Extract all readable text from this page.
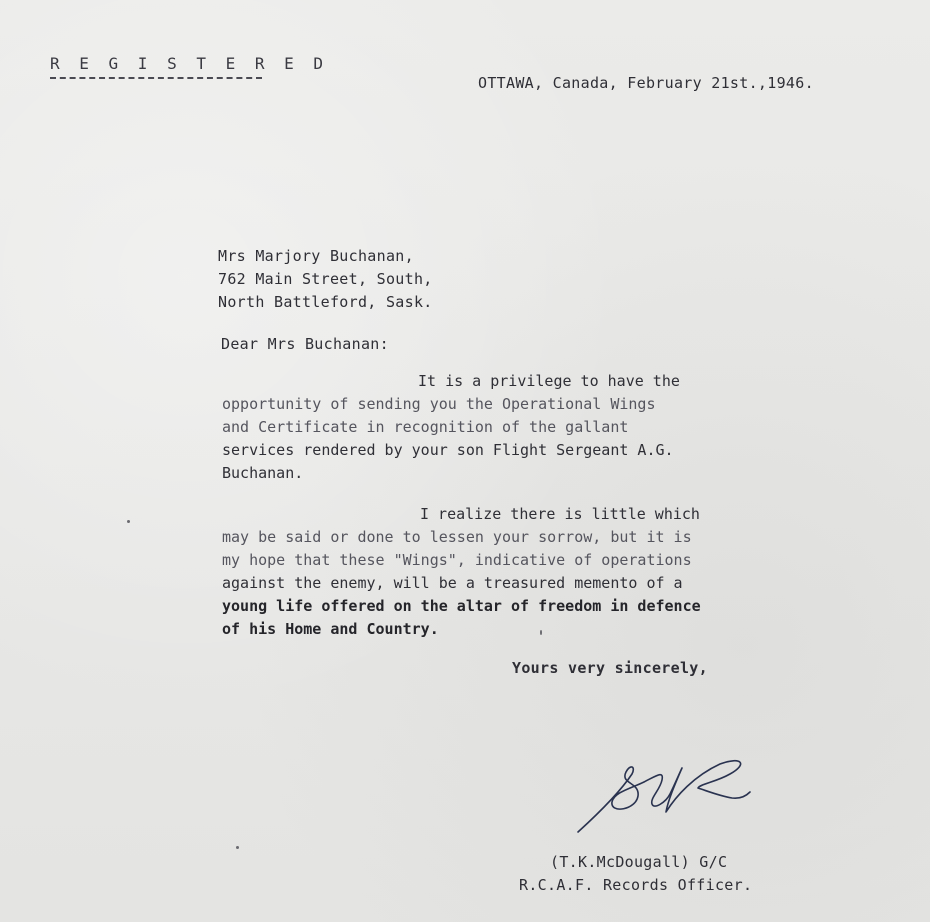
R E G I S T E R E D
OTTAWA, Canada, February 21st.,1946.
Mrs Marjory Buchanan,
762 Main Street, South,
North Battleford, Sask.
Dear Mrs Buchanan:
It is a privilege to have the
opportunity of sending you the Operational Wings
and Certificate in recognition of the gallant
services rendered by your son Flight Sergeant A.G.
Buchanan.
I realize there is little which
may be said or done to lessen your sorrow, but it is
my hope that these "Wings", indicative of operations
against the enemy, will be a treasured memento of a
young life offered on the altar of freedom in defence
of his Home and Country.
Yours very sincerely,
(T.K.McDougall) G/C
R.C.A.F. Records Officer.
